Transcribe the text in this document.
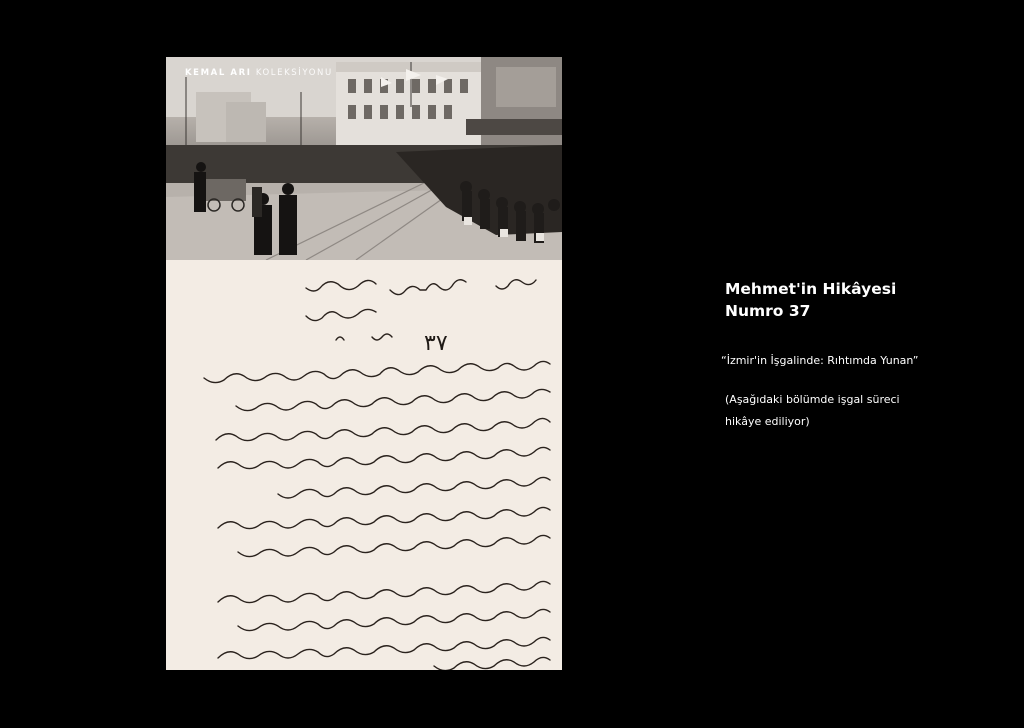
KEMAL ARI KOLEKSİYONU
۳۷

Mehmet'in Hikâyesi
Numro 37

“İzmir'in İşgalinde: Rıhtımda Yunan”
(Aşağıdaki bölümde işgal süreci hikâye ediliyor)
